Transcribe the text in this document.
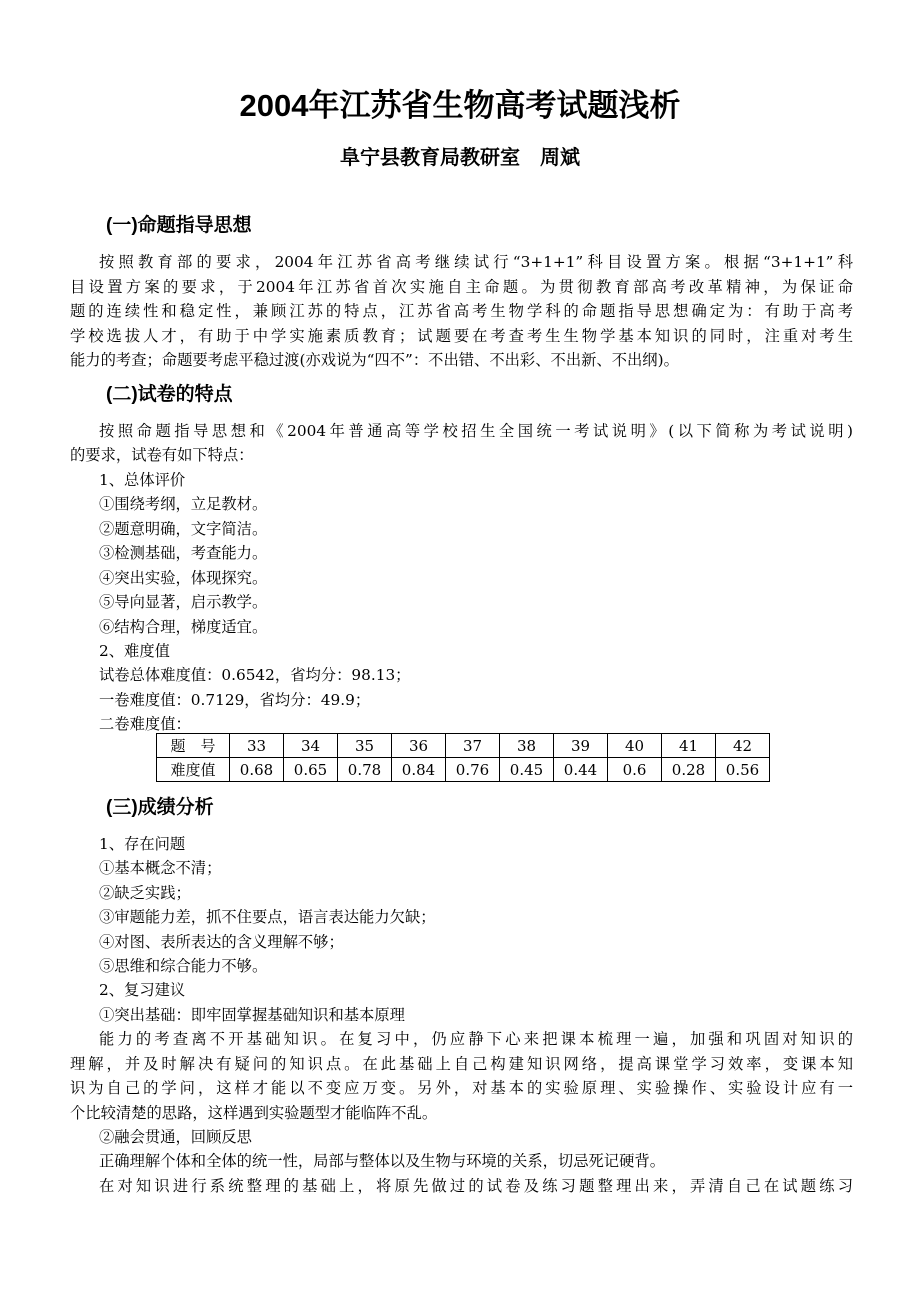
2004年江苏省生物高考试题浅析
阜宁县教育局教研室　周斌
(一)命题指导思想
按照教育部的要求，2004年江苏省高考继续试行“3+1+1”科目设置方案。根据“3+1+1”科
目设置方案的要求，于2004年江苏省首次实施自主命题。为贯彻教育部高考改革精神，为保证命
题的连续性和稳定性，兼顾江苏的特点，江苏省高考生物学科的命题指导思想确定为：有助于高考
学校选拔人才，有助于中学实施素质教育；试题要在考查考生生物学基本知识的同时，注重对考生
能力的考查；命题要考虑平稳过渡(亦戏说为“四不”：不出错、不出彩、不出新、不出纲)。
(二)试卷的特点
按照命题指导思想和《2004年普通高等学校招生全国统一考试说明》(以下简称为考试说明)
的要求，试卷有如下特点：
1、总体评价
①围绕考纲，立足教材。
②题意明确，文字简洁。
③检测基础，考查能力。
④突出实验，体现探究。
⑤导向显著，启示教学。
⑥结构合理，梯度适宜。
2、难度值
试卷总体难度值：0.6542，省均分：98.13；
一卷难度值：0.7129，省均分：49.9；
二卷难度值：
题　号	33	34	35	36	37	38	39	40	41	42
难度值	0.68	0.65	0.78	0.84	0.76	0.45	0.44	0.6	0.28	0.56
(三)成绩分析
1、存在问题
①基本概念不清；
②缺乏实践；
③审题能力差，抓不住要点，语言表达能力欠缺；
④对图、表所表达的含义理解不够；
⑤思维和综合能力不够。
2、复习建议
①突出基础：即牢固掌握基础知识和基本原理
能力的考查离不开基础知识。在复习中，仍应静下心来把课本梳理一遍，加强和巩固对知识的
理解，并及时解决有疑问的知识点。在此基础上自己构建知识网络，提高课堂学习效率，变课本知
识为自己的学问，这样才能以不变应万变。另外，对基本的实验原理、实验操作、实验设计应有一
个比较清楚的思路，这样遇到实验题型才能临阵不乱。
②融会贯通，回顾反思
正确理解个体和全体的统一性，局部与整体以及生物与环境的关系，切忌死记硬背。
在对知识进行系统整理的基础上，将原先做过的试卷及练习题整理出来，弄清自己在试题练习
